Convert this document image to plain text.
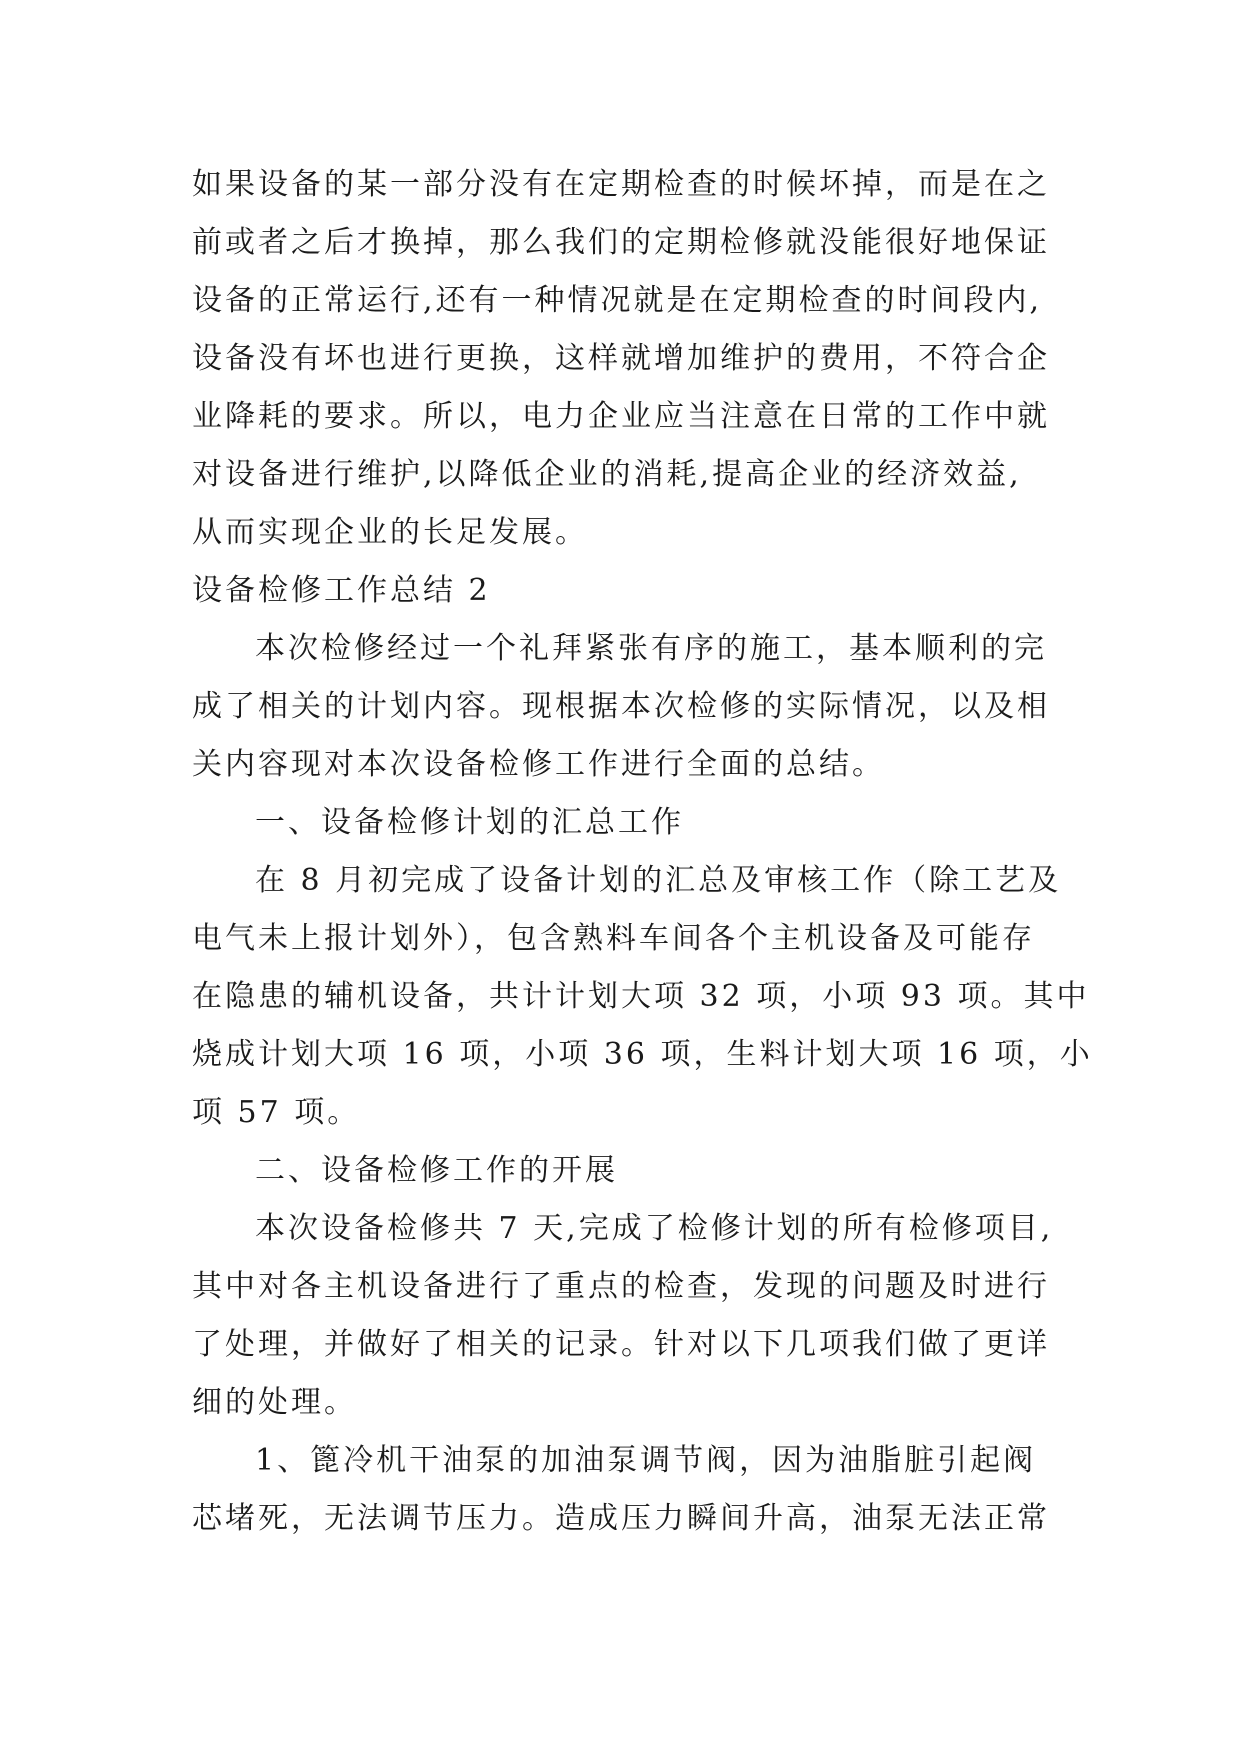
如果设备的某一部分没有在定期检查的时候坏掉，而是在之
前或者之后才换掉，那么我们的定期检修就没能很好地保证
设备的正常运行,还有一种情况就是在定期检查的时间段内,
设备没有坏也进行更换，这样就增加维护的费用，不符合企
业降耗的要求。所以，电力企业应当注意在日常的工作中就
对设备进行维护,以降低企业的消耗,提高企业的经济效益,
从而实现企业的长足发展。
设备检修工作总结 2
本次检修经过一个礼拜紧张有序的施工，基本顺利的完
成了相关的计划内容。现根据本次检修的实际情况，以及相
关内容现对本次设备检修工作进行全面的总结。
一、设备检修计划的汇总工作
在 8 月初完成了设备计划的汇总及审核工作（除工艺及
电气未上报计划外），包含熟料车间各个主机设备及可能存
在隐患的辅机设备，共计计划大项 32 项，小项 93 项。其中
烧成计划大项 16 项，小项 36 项，生料计划大项 16 项，小
项 57 项。
二、设备检修工作的开展
本次设备检修共 7 天,完成了检修计划的所有检修项目,
其中对各主机设备进行了重点的检查，发现的问题及时进行
了处理，并做好了相关的记录。针对以下几项我们做了更详
细的处理。
1、篦冷机干油泵的加油泵调节阀，因为油脂脏引起阀
芯堵死，无法调节压力。造成压力瞬间升高，油泵无法正常
